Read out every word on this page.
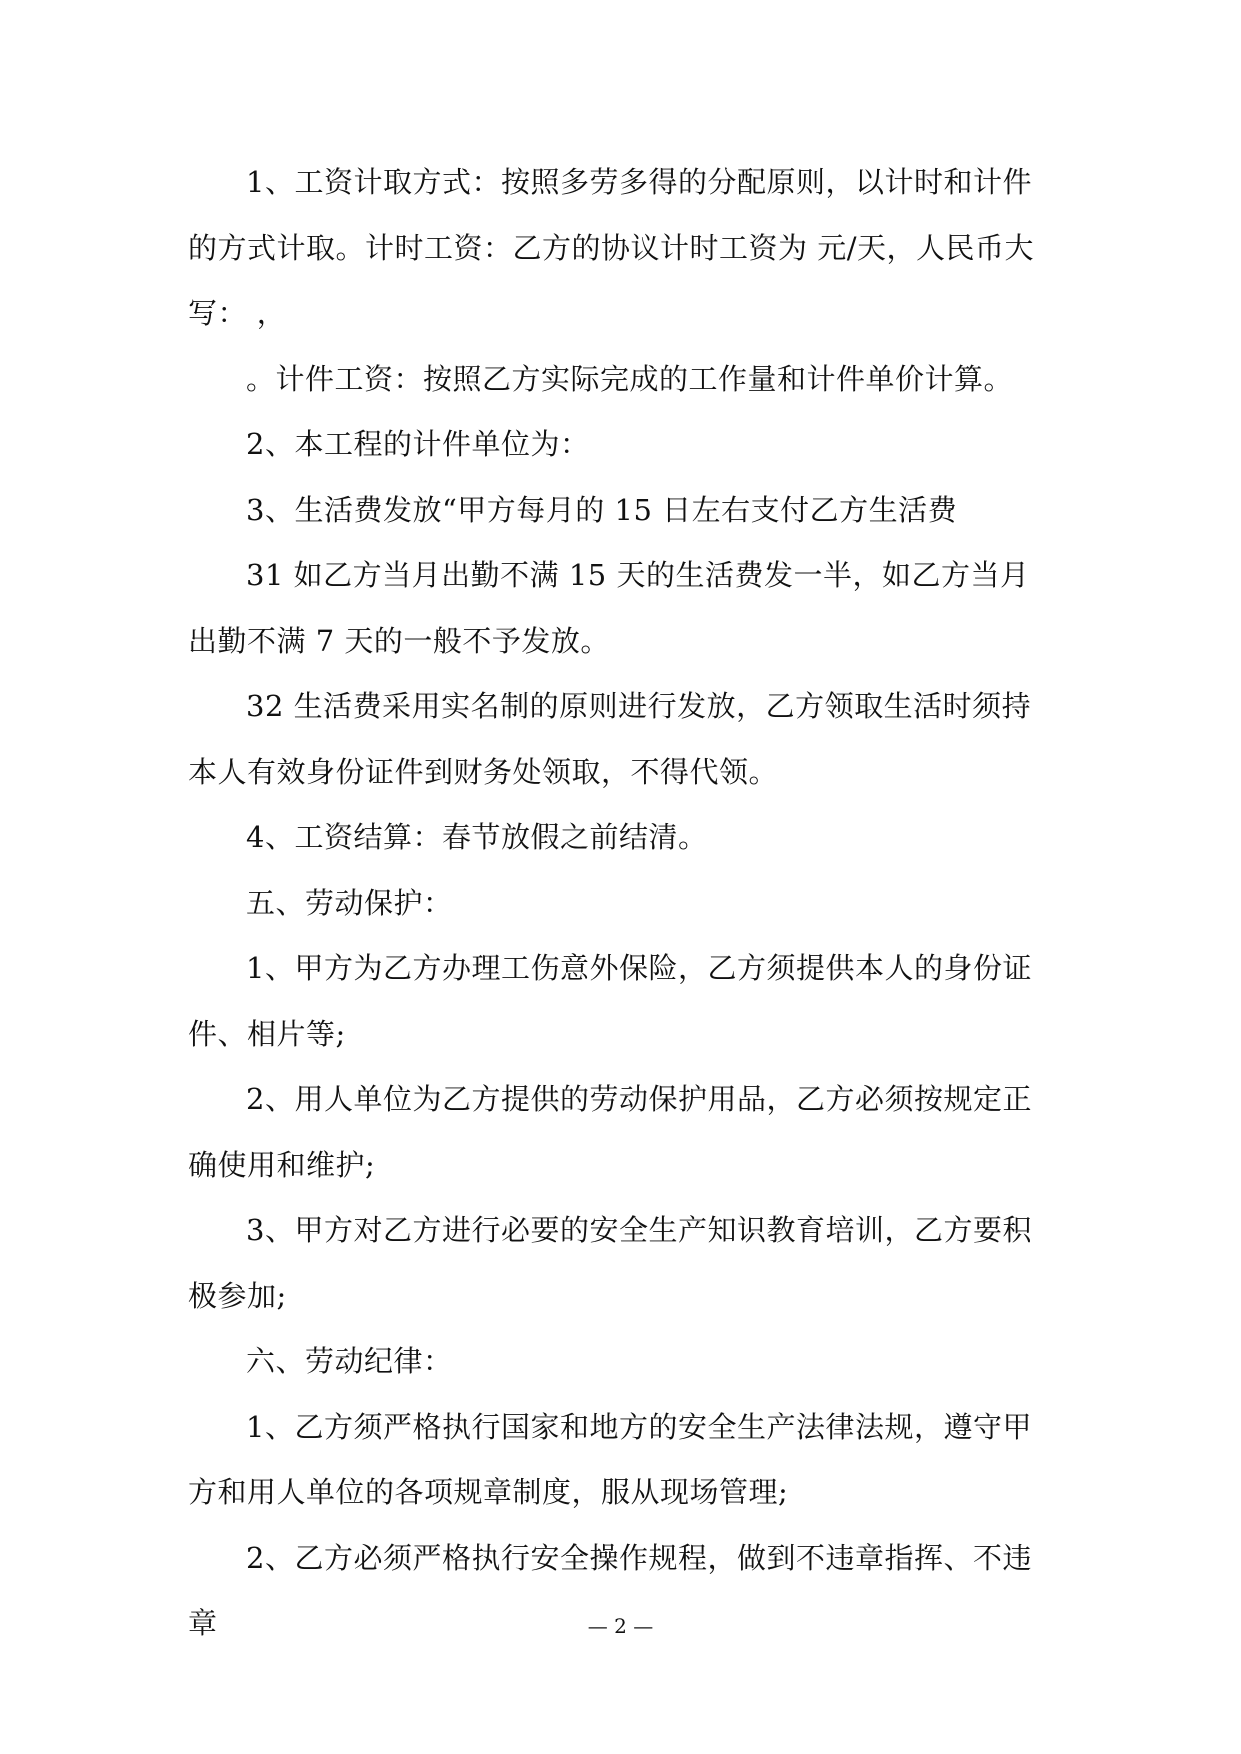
1、工资计取方式：按照多劳多得的分配原则，以计时和计件的方式计取。计时工资：乙方的协议计时工资为 元/天，人民币大写： ，

。计件工资：按照乙方实际完成的工作量和计件单价计算。

2、本工程的计件单位为：

3、生活费发放“甲方每月的 15 日左右支付乙方生活费

31 如乙方当月出勤不满 15 天的生活费发一半，如乙方当月出勤不满 7 天的一般不予发放。

32 生活费采用实名制的原则进行发放，乙方领取生活时须持本人有效身份证件到财务处领取，不得代领。

4、工资结算：春节放假之前结清。

五、劳动保护：

1、甲方为乙方办理工伤意外保险，乙方须提供本人的身份证件、相片等;

2、用人单位为乙方提供的劳动保护用品，乙方必须按规定正确使用和维护;

3、甲方对乙方进行必要的安全生产知识教育培训，乙方要积极参加;

六、劳动纪律：

1、乙方须严格执行国家和地方的安全生产法律法规，遵守甲方和用人单位的各项规章制度，服从现场管理;

2、乙方必须严格执行安全操作规程，做到不违章指挥、不违章	— 2 —
